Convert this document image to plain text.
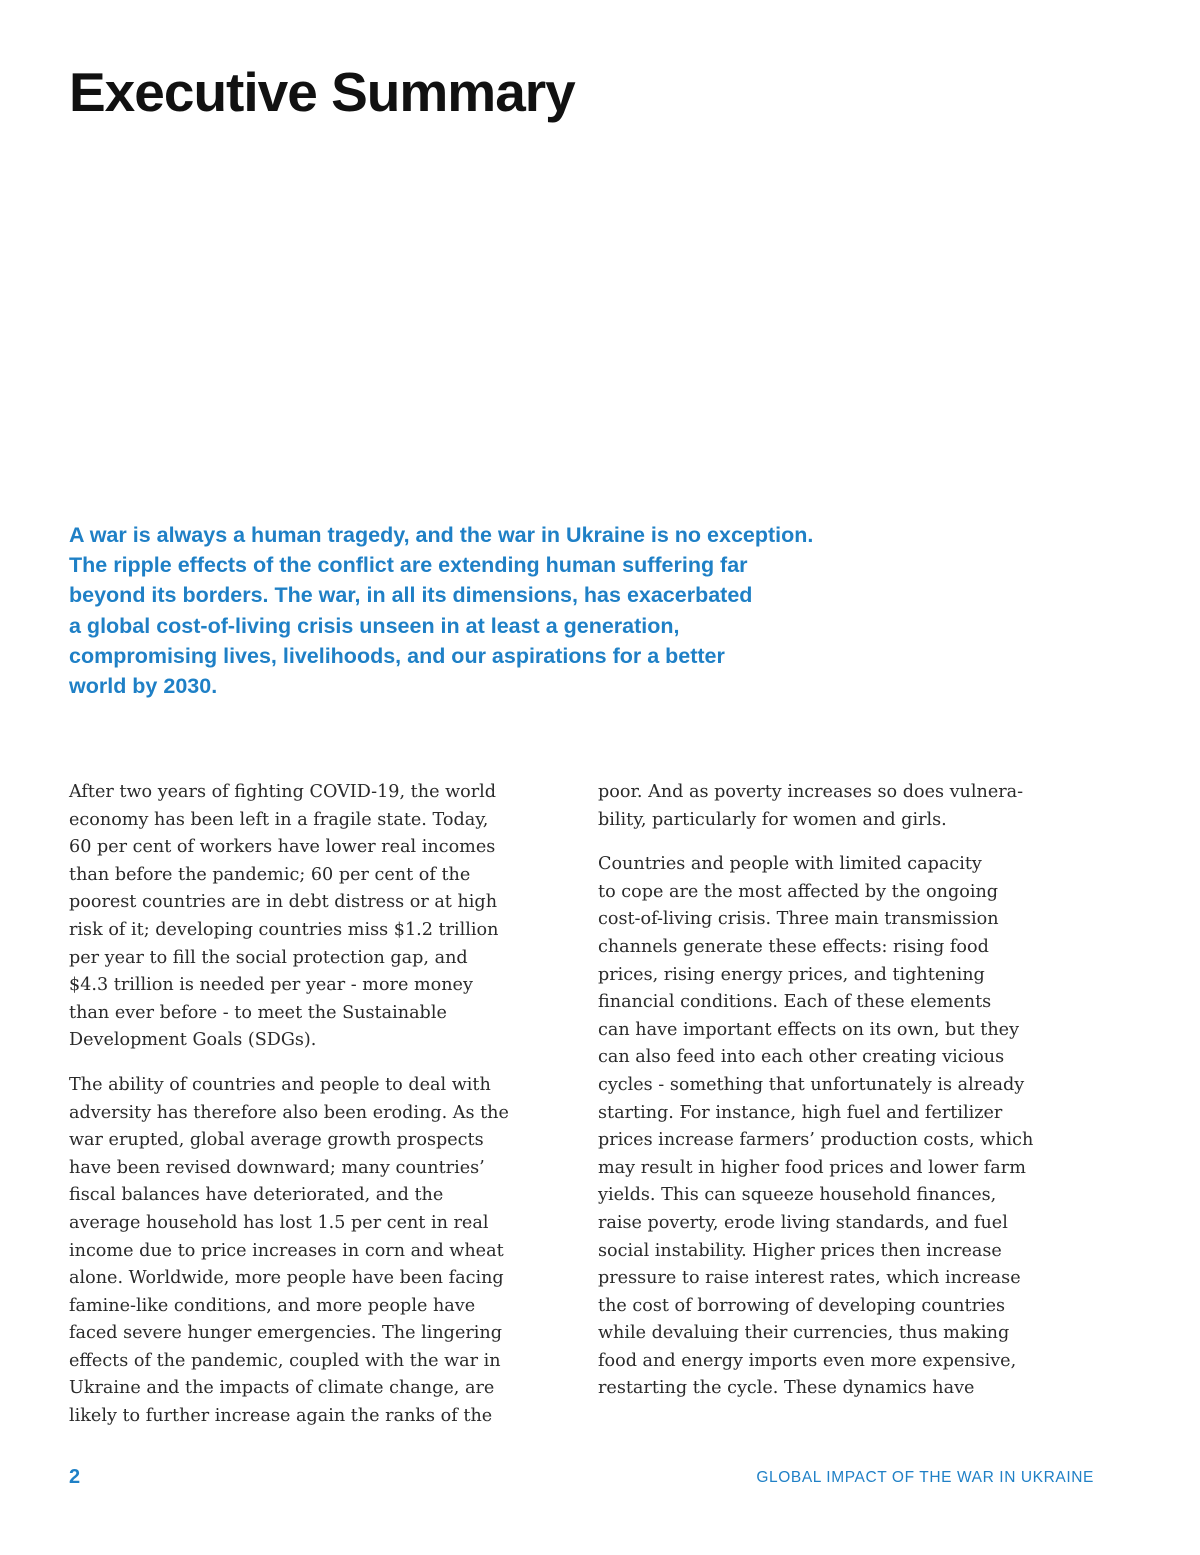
Executive Summary

A war is always a human tragedy, and the war in Ukraine is no exception.
The ripple effects of the conflict are extending human suffering far
beyond its borders. The war, in all its dimensions, has exacerbated
a global cost-of-living crisis unseen in at least a generation,
compromising lives, livelihoods, and our aspirations for a better
world by 2030.

After two years of fighting COVID-19, the world
economy has been left in a fragile state. Today,
60 per cent of workers have lower real incomes
than before the pandemic; 60 per cent of the
poorest countries are in debt distress or at high
risk of it; developing countries miss $1.2 trillion
per year to fill the social protection gap, and
$4.3 trillion is needed per year - more money
than ever before - to meet the Sustainable
Development Goals (SDGs).

The ability of countries and people to deal with
adversity has therefore also been eroding. As the
war erupted, global average growth prospects
have been revised downward; many countries’
fiscal balances have deteriorated, and the
average household has lost 1.5 per cent in real
income due to price increases in corn and wheat
alone. Worldwide, more people have been facing
famine-like conditions, and more people have
faced severe hunger emergencies. The lingering
effects of the pandemic, coupled with the war in
Ukraine and the impacts of climate change, are
likely to further increase again the ranks of the

poor. And as poverty increases so does vulnera-
bility, particularly for women and girls.

Countries and people with limited capacity
to cope are the most affected by the ongoing
cost-of-living crisis. Three main transmission
channels generate these effects: rising food
prices, rising energy prices, and tightening
financial conditions. Each of these elements
can have important effects on its own, but they
can also feed into each other creating vicious
cycles - something that unfortunately is already
starting. For instance, high fuel and fertilizer
prices increase farmers’ production costs, which
may result in higher food prices and lower farm
yields. This can squeeze household finances,
raise poverty, erode living standards, and fuel
social instability. Higher prices then increase
pressure to raise interest rates, which increase
the cost of borrowing of developing countries
while devaluing their currencies, thus making
food and energy imports even more expensive,
restarting the cycle. These dynamics have

2	GLOBAL IMPACT OF THE WAR IN UKRAINE
